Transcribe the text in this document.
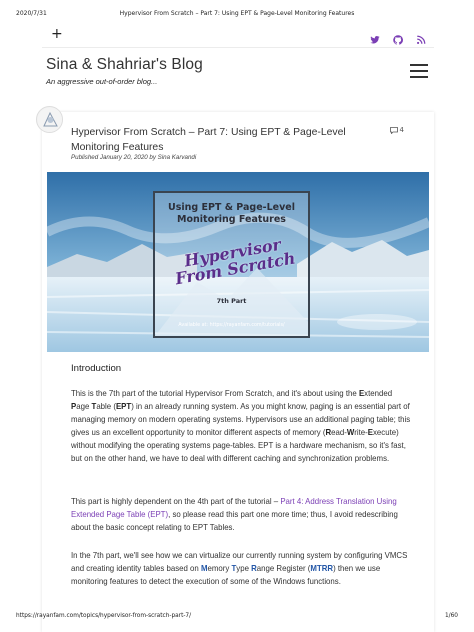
2020/7/31	Hypervisor From Scratch – Part 7: Using EPT & Page-Level Monitoring Features
+
Sina & Shahriar's Blog
An aggressive out-of-order blog...
Hypervisor From Scratch – Part 7: Using EPT & Page-Level Monitoring Features
4
Published January 20, 2020 by Sina Karvandi
Using EPT & Page-Level
Monitoring Features
Hypervisor From Scratch
7th Part
Available at: https://rayanfam.com/tutorials/
Introduction

This is the 7th part of the tutorial Hypervisor From Scratch, and it's about using the Extended Page Table (EPT) in an already running system. As you might know, paging is an essential part of managing memory on modern operating systems. Hypervisors use an additional paging table; this gives us an excellent opportunity to monitor different aspects of memory (Read-Write-Execute) without modifying the operating systems page-tables. EPT is a hardware mechanism, so it's fast, but on the other hand, we have to deal with different caching and synchronization problems.

This part is highly dependent on the 4th part of the tutorial – Part 4: Address Translation Using Extended Page Table (EPT), so please read this part one more time; thus, I avoid redescribing about the basic concept relating to EPT Tables.

In the 7th part, we'll see how we can virtualize our currently running system by configuring VMCS and creating identity tables based on Memory Type Range Register (MTRR) then we use monitoring features to detect the execution of some of the Windows functions.

https://rayanfam.com/topics/hypervisor-from-scratch-part-7/	1/60
